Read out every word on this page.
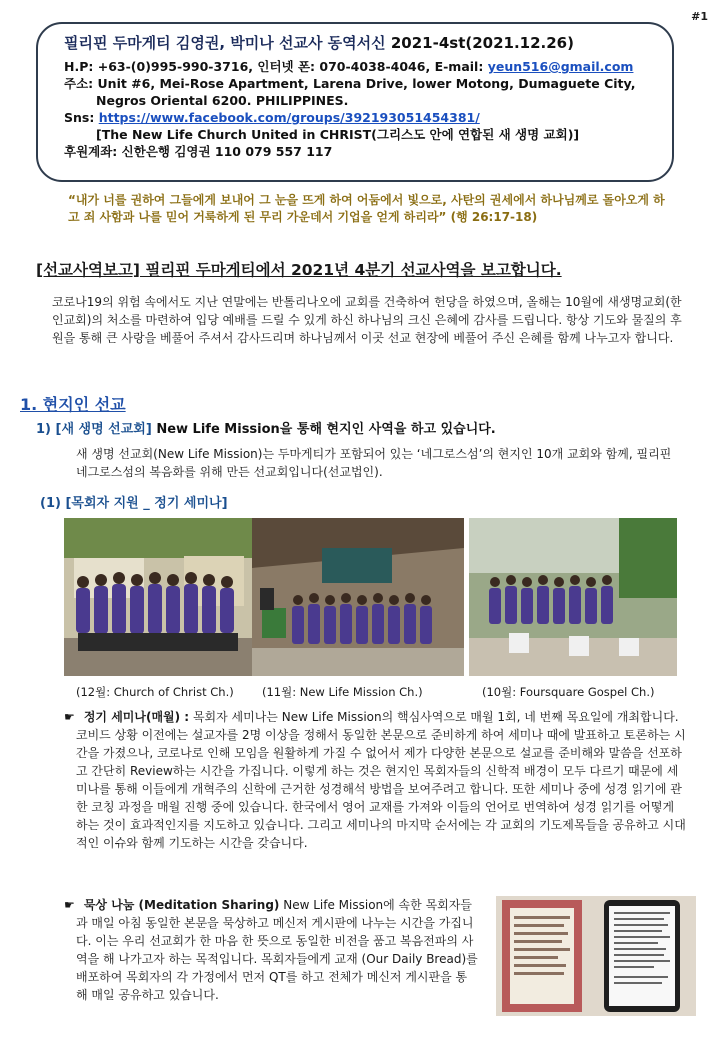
#1
필리핀 두마게티 김영권, 박미나 선교사 동역서신 2021-4st(2021.12.26)
H.P: +63-(0)995-990-3716, 인터넷 폰: 070-4038-4046, E-mail: yeun516@gmail.com
주소: Unit #6, Mei-Rose Apartment, Larena Drive, lower Motong, Dumaguete City,
Negros Oriental 6200. PHILIPPINES.
Sns: https://www.facebook.com/groups/392193051454381/
[The New Life Church United in CHRIST(그리스도 안에 연합된 새 생명 교회)]
후원계좌: 신한은행 김영권 110 079 557 117
“내가 너를 권하여 그들에게 보내어 그 눈을 뜨게 하여 어둠에서 빛으로, 사탄의 권세에서 하나님께로 돌아오게 하고 죄 사함과 나를 믿어 거룩하게 된 무리 가운데서 기업을 얻게 하리라” (행 26:17-18)
[선교사역보고] 필리핀 두마게티에서 2021년 4분기 선교사역을 보고합니다.
코로나19의 위험 속에서도 지난 연말에는 반톨리나오에 교회를 건축하여 헌당을 하였으며, 올해는 10월에 새생명교회(한인교회)의 처소를 마련하여 입당 예배를 드릴 수 있게 하신 하나님의 크신 은혜에 감사를 드립니다. 항상 기도와 물질의 후원을 통해 큰 사랑을 베풀어 주셔서 감사드리며 하나님께서 이곳 선교 현장에 베풀어 주신 은혜를 함께 나누고자 합니다.
1. 현지인 선교
1) [새 생명 선교회] New Life Mission을 통해 현지인 사역을 하고 있습니다.
새 생명 선교회(New Life Mission)는 두마게티가 포함되어 있는 ‘네그로스섬’의 현지인 10개 교회와 함께, 필리핀 네그로스섬의 복음화를 위해 만든 선교회입니다(선교법인).
(1) [목회자 지원 _ 정기 세미나]
(12월: Church of Christ Ch.) (11월: New Life Mission Ch.)	(10월: Foursquare Gospel Ch.)
☛ 정기 세미나(매월) : 목회자 세미나는 New Life Mission의 핵심사역으로 매월 1회, 네 번째 목요일에 개최합니다. 코비드 상황 이전에는 설교자를 2명 이상을 정해서 동일한 본문으로 준비하게 하여 세미나 때에 발표하고 토론하는 시간을 가졌으나, 코로나로 인해 모임을 원활하게 가질 수 없어서 제가 다양한 본문으로 설교를 준비해와 말씀을 선포하고 간단히 Review하는 시간을 가집니다. 이렇게 하는 것은 현지인 목회자들의 신학적 배경이 모두 다르기 때문에 세미나를 통해 이들에게 개혁주의 신학에 근거한 성경해석 방법을 보여주려고 합니다. 또한 세미나 중에 성경 읽기에 관한 코칭 과정을 매월 진행 중에 있습니다. 한국에서 영어 교재를 가져와 이들의 언어로 번역하여 성경 읽기를 어떻게 하는 것이 효과적인지를 지도하고 있습니다. 그리고 세미나의 마지막 순서에는 각 교회의 기도제목들을 공유하고 시대적인 이슈와 함께 기도하는 시간을 갖습니다.
☛ 묵상 나눔 (Meditation Sharing) New Life Mission에 속한 목회자들과 매일 아침 동일한 본문을 묵상하고 메신저 게시판에 나누는 시간을 가집니다. 이는 우리 선교회가 한 마음 한 뜻으로 동일한 비전을 품고 복음전파의 사역을 해 나가고자 하는 목적입니다. 목회자들에게 교재 (Our Daily Bread)를 배포하여 목회자의 각 가정에서 먼저 QT를 하고 전체가 메신저 게시판을 통해 매일 공유하고 있습니다.
